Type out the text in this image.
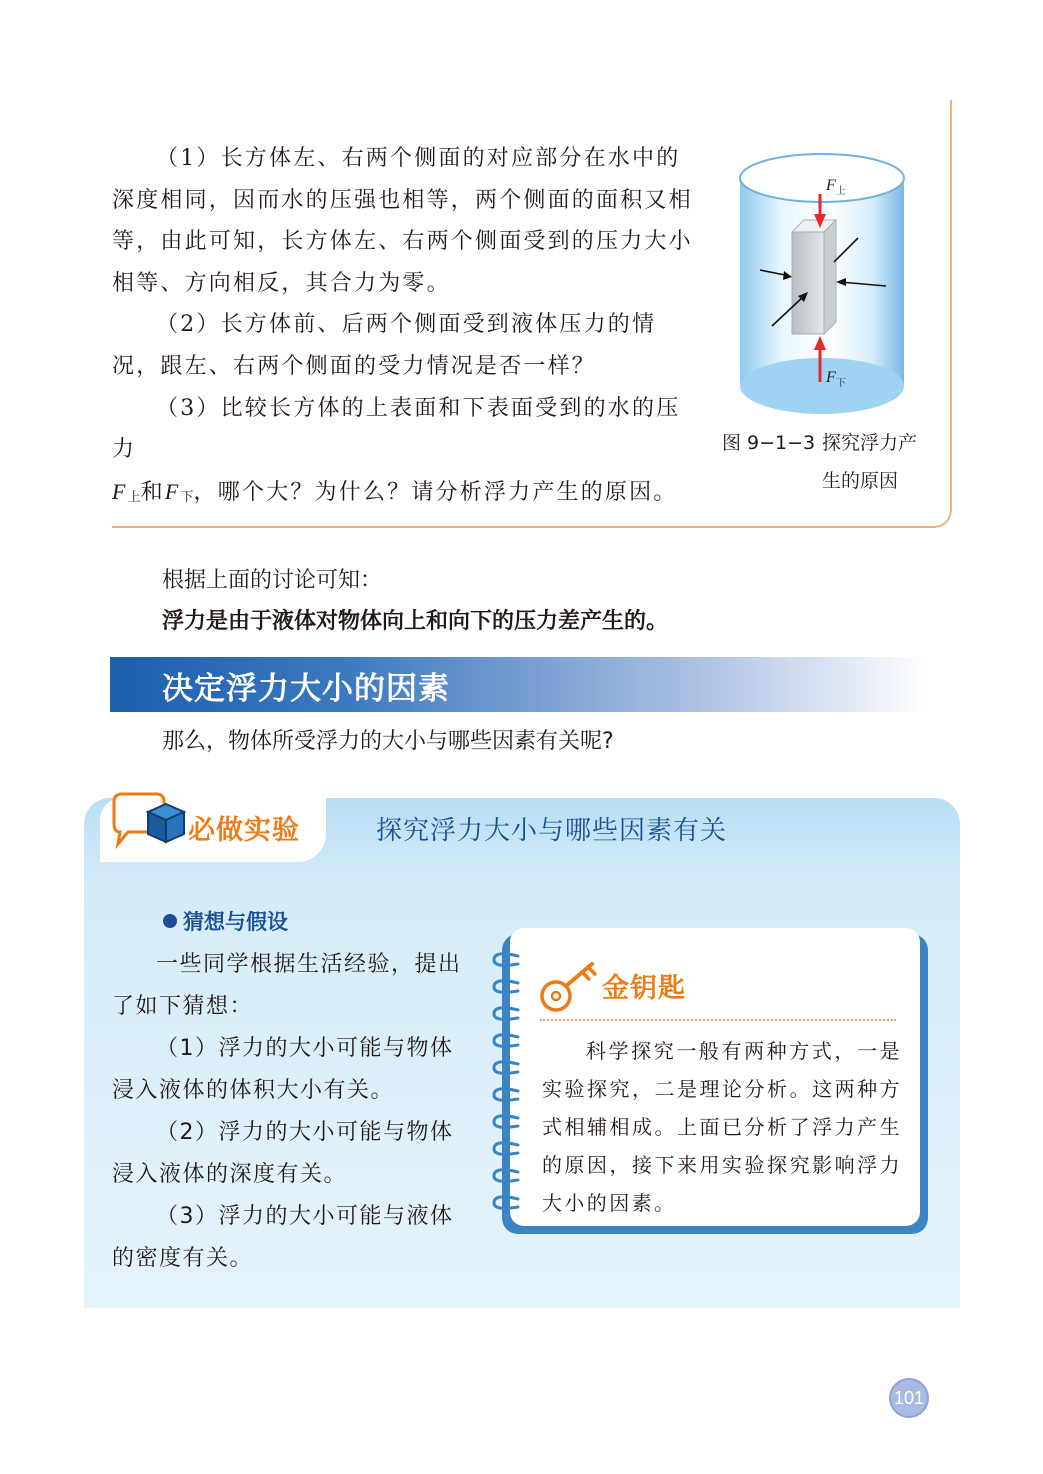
（1）长方体左、右两个侧面的对应部分在水中的深度相同，因而水的压强也相等，两个侧面的面积又相等，由此可知，长方体左、右两个侧面受到的压力大小相等、方向相反，其合力为零。

（2）长方体前、后两个侧面受到液体压力的情况，跟左、右两个侧面的受力情况是否一样？

（3）比较长方体的上表面和下表面受到的水的压力
F上和F下，哪个大？为什么？请分析浮力产生的原因。

F 上
F 下
图 9−1−3 探究浮力产
生的原因
根据上面的讨论可知：
浮力是由于液体对物体向上和向下的压力差产生的。
决定浮力大小的因素
那么，物体所受浮力的大小与哪些因素有关呢?
必做实验	探究浮力大小与哪些因素有关
猜想与假设

一些同学根据生活经验，提出了如下猜想：

（1）浮力的大小可能与物体浸入液体的体积大小有关。

（2）浮力的大小可能与物体浸入液体的深度有关。

（3）浮力的大小可能与液体的密度有关。

金钥匙

科学探究一般有两种方式，一是实验探究，二是理论分析。这两种方式相辅相成。上面已分析了浮力产生的原因，接下来用实验探究影响浮力大小的因素。

101
